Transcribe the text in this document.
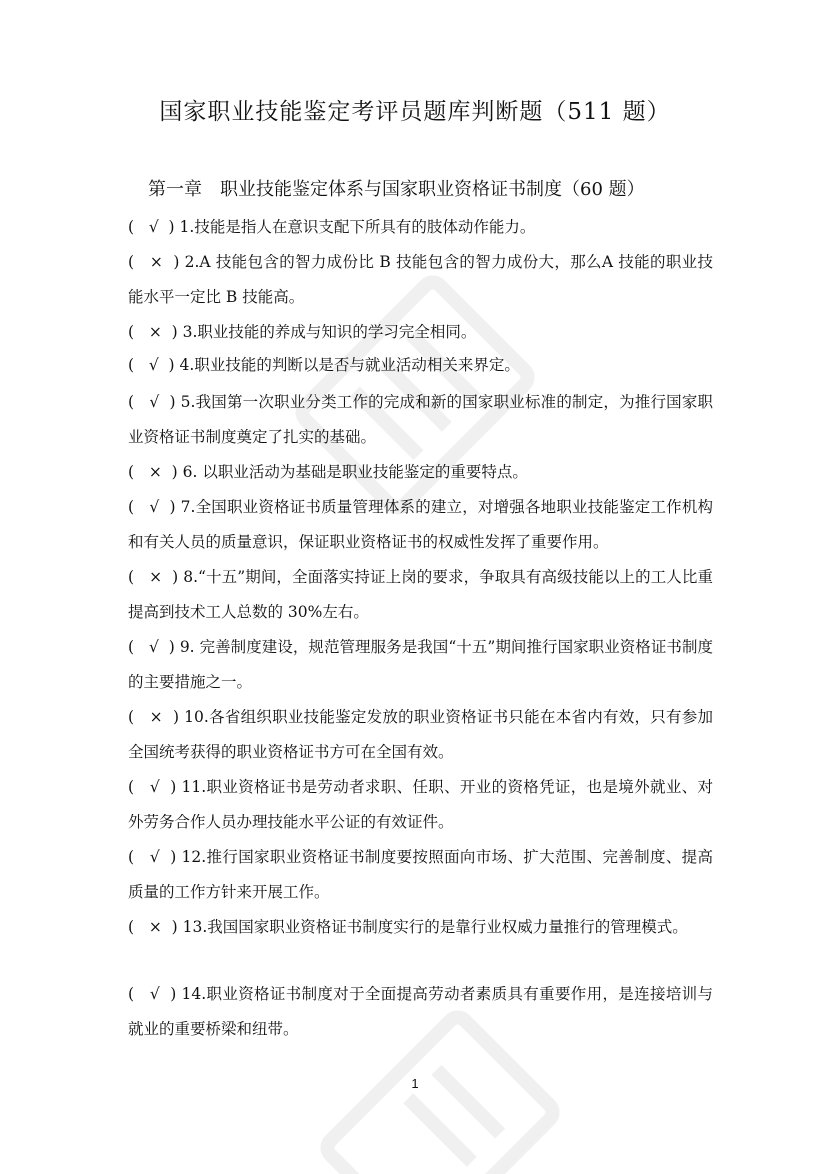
国家职业技能鉴定考评员题库判断题（511 题）
第一章　职业技能鉴定体系与国家职业资格证书制度（60 题）
(   √  ) 1.技能是指人在意识支配下所具有的肢体动作能力。
(   ×  ) 2.A 技能包含的智力成份比 B 技能包含的智力成份大，那么A 技能的职业技能水平一定比 B 技能高。
(   ×  ) 3.职业技能的养成与知识的学习完全相同。
(   √  ) 4.职业技能的判断以是否与就业活动相关来界定。
(   √  ) 5.我国第一次职业分类工作的完成和新的国家职业标准的制定，为推行国家职业资格证书制度奠定了扎实的基础。
(   ×  ) 6. 以职业活动为基础是职业技能鉴定的重要特点。
(   √  ) 7.全国职业资格证书质量管理体系的建立，对增强各地职业技能鉴定工作机构和有关人员的质量意识，保证职业资格证书的权威性发挥了重要作用。
(   ×  ) 8.“十五”期间，全面落实持证上岗的要求，争取具有高级技能以上的工人比重提高到技术工人总数的 30%左右。
(   √  ) 9. 完善制度建设，规范管理服务是我国“十五”期间推行国家职业资格证书制度的主要措施之一。
(   ×  ) 10.各省组织职业技能鉴定发放的职业资格证书只能在本省内有效，只有参加全国统考获得的职业资格证书方可在全国有效。
(   √  ) 11.职业资格证书是劳动者求职、任职、开业的资格凭证，也是境外就业、对外劳务合作人员办理技能水平公证的有效证件。
(   √  ) 12.推行国家职业资格证书制度要按照面向市场、扩大范围、完善制度、提高质量的工作方针来开展工作。
(   ×  ) 13.我国国家职业资格证书制度实行的是靠行业权威力量推行的管理模式。
(   √  ) 14.职业资格证书制度对于全面提高劳动者素质具有重要作用，是连接培训与就业的重要桥梁和纽带。
1
